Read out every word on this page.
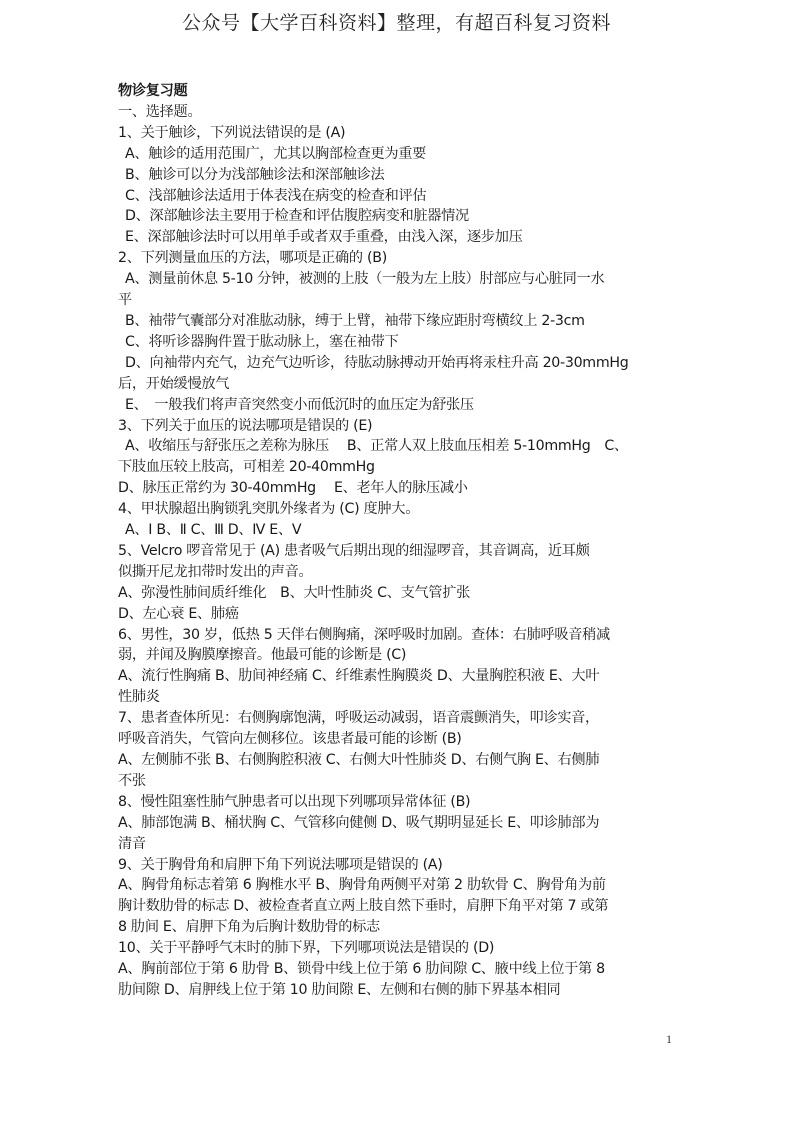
公众号【大学百科资料】整理，有超百科复习资料
物诊复习题
一、选择题。
1、关于触诊，下列说法错误的是 (A)
A、触诊的适用范围广，尤其以胸部检查更为重要
B、触诊可以分为浅部触诊法和深部触诊法
C、浅部触诊法适用于体表浅在病变的检查和评估
D、深部触诊法主要用于检查和评估腹腔病变和脏器情况
E、深部触诊法时可以用单手或者双手重叠，由浅入深，逐步加压
2、下列测量血压的方法，哪项是正确的 (B)
A、测量前休息 5-10 分钟，被测的上肢（一般为左上肢）肘部应与心脏同一水
平
B、袖带气囊部分对准肱动脉，缚于上臂，袖带下缘应距肘弯横纹上 2-3cm
C、将听诊器胸件置于肱动脉上，塞在袖带下
D、向袖带内充气，边充气边听诊，待肱动脉搏动开始再将汞柱升高 20-30mmHg
后，开始缓慢放气
E、　一般我们将声音突然变小而低沉时的血压定为舒张压
3、下列关于血压的说法哪项是错误的 (E)
A、收缩压与舒张压之差称为脉压　 B、正常人双上肢血压相差 5-10mmHg　C、
下肢血压较上肢高，可相差 20-40mmHg
D、脉压正常约为 30-40mmHg　 E、老年人的脉压减小
4、甲状腺超出胸锁乳突肌外缘者为 (C) 度肿大。
A、Ⅰ B、Ⅱ C、Ⅲ D、Ⅳ E、Ⅴ
5、Velcro 啰音常见于 (A) 患者吸气后期出现的细湿啰音，其音调高，近耳颇
似撕开尼龙扣带时发出的声音。
A、弥漫性肺间质纤维化　B、大叶性肺炎 C、支气管扩张
D、左心衰 E、肺癌
6、男性，30 岁，低热 5 天伴右侧胸痛，深呼吸时加剧。查体：右肺呼吸音稍减
弱，并闻及胸膜摩擦音。他最可能的诊断是 (C)
A、流行性胸痛 B、肋间神经痛 C、纤维素性胸膜炎 D、大量胸腔积液 E、大叶
性肺炎
7、患者查体所见：右侧胸廓饱满，呼吸运动减弱，语音震颤消失，叩诊实音，
呼吸音消失，气管向左侧移位。该患者最可能的诊断 (B)
A、左侧肺不张 B、右侧胸腔积液 C、右侧大叶性肺炎 D、右侧气胸 E、右侧肺
不张
8、慢性阻塞性肺气肿患者可以出现下列哪项异常体征 (B)
A、肺部饱满 B、桶状胸 C、气管移向健侧 D、吸气期明显延长 E、叩诊肺部为
清音
9、关于胸骨角和肩胛下角下列说法哪项是错误的 (A)
A、胸骨角标志着第 6 胸椎水平 B、胸骨角两侧平对第 2 肋软骨 C、胸骨角为前
胸计数肋骨的标志 D、被检查者直立两上肢自然下垂时，肩胛下角平对第 7 或第
8 肋间 E、肩胛下角为后胸计数肋骨的标志
10、关于平静呼气末时的肺下界，下列哪项说法是错误的 (D)
A、胸前部位于第 6 肋骨 B、锁骨中线上位于第 6 肋间隙 C、腋中线上位于第 8
肋间隙 D、肩胛线上位于第 10 肋间隙 E、左侧和右侧的肺下界基本相同
1
